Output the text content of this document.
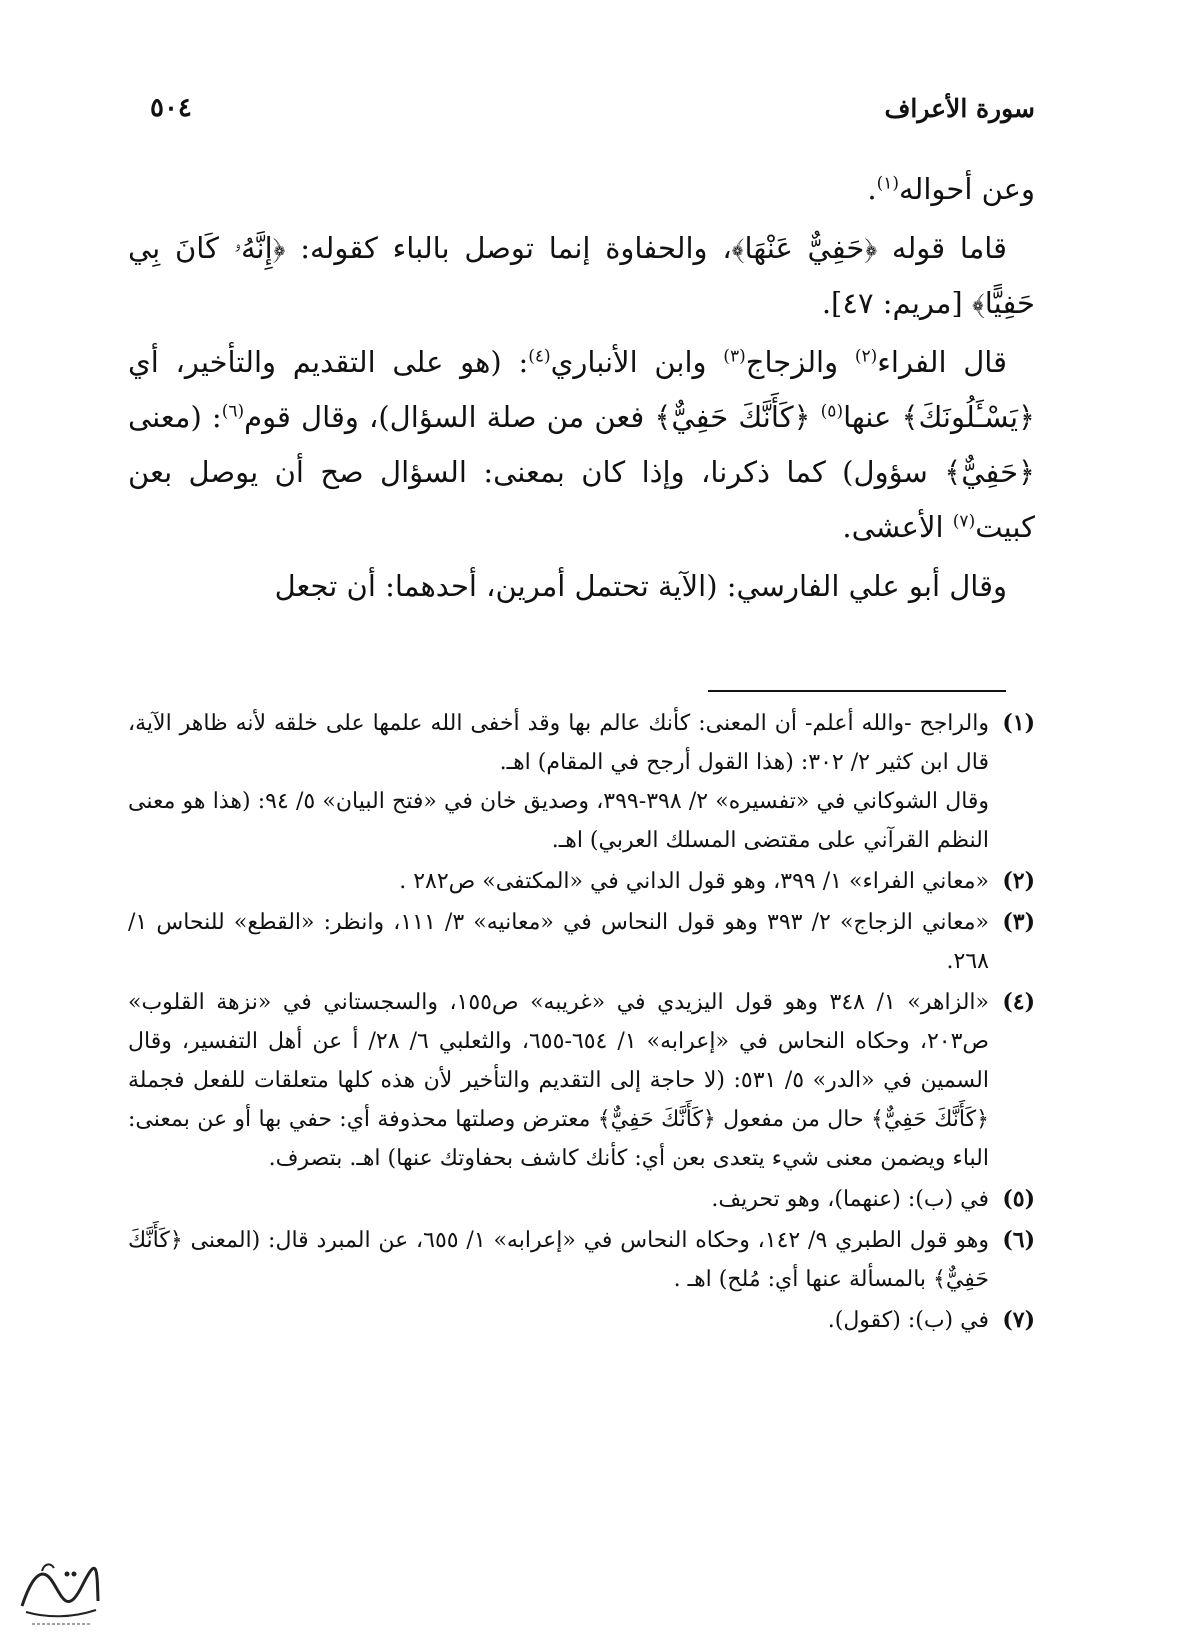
٥٠٤	سورة الأعراف

وعن أحواله$^{(١)}$.

قاما قوله ﴿حَفِيٌّ عَنْهَا﴾، والحفاوة إنما توصل بالباء كقوله: ﴿إِنَّهُۥ كَانَ بِي حَفِيًّا﴾ [مريم: ٤٧].

قال الفراء$^{(٢)}$ والزجاج$^{(٣)}$ وابن الأنباري$^{(٤)}$: (هو على التقديم والتأخير، أي ﴿يَسْـَٔلُونَكَ﴾ عنها$^{(٥)}$ ﴿كَأَنَّكَ حَفِيٌّ﴾ فعن من صلة السؤال)، وقال قوم$^{(٦)}$: (معنى ﴿حَفِيٌّ﴾ سؤول) كما ذكرنا، وإذا كان بمعنى: السؤال صح أن يوصل بعن كبيت$^{(٧)}$ الأعشى.

وقال أبو علي الفارسي: (الآية تحتمل أمرين، أحدهما: أن تجعل

(١)
والراجح -والله أعلم- أن المعنى: كأنك عالم بها وقد أخفى الله علمها على خلقه لأنه ظاهر الآية، قال ابن كثير ٢/ ٣٠٢: (هذا القول أرجح في المقام) اهـ.
وقال الشوكاني في «تفسيره» ٢/ ٣٩٨-٣٩٩، وصديق خان في «فتح البيان» ٥/ ٩٤: (هذا هو معنى النظم القرآني على مقتضى المسلك العربي) اهـ.
(٢)
«معاني الفراء» ١/ ٣٩٩، وهو قول الداني في «المكتفى» ص٢٨٢ .
(٣)
«معاني الزجاج» ٢/ ٣٩٣ وهو قول النحاس في «معانيه» ٣/ ١١١، وانظر: «القطع» للنحاس ١/ ٢٦٨.
(٤)
«الزاهر» ١/ ٣٤٨ وهو قول اليزيدي في «غريبه» ص١٥٥، والسجستاني في «نزهة القلوب» ص٢٠٣، وحكاه النحاس في «إعرابه» ١/ ٦٥٤-٦٥٥، والثعلبي ٦/ ٢٨/ أ عن أهل التفسير، وقال السمين في «الدر» ٥/ ٥٣١: (لا حاجة إلى التقديم والتأخير لأن هذه كلها متعلقات للفعل فجملة ﴿كَأَنَّكَ حَفِيٌّ﴾ حال من مفعول ﴿كَأَنَّكَ حَفِيٌّ﴾ معترض وصلتها محذوفة أي: حفي بها أو عن بمعنى: الباء ويضمن معنى شيء يتعدى بعن أي: كأنك كاشف بحفاوتك عنها) اهـ. بتصرف.
(٥)
في (ب): (عنهما)، وهو تحريف.
(٦)
وهو قول الطبري ٩/ ١٤٢، وحكاه النحاس في «إعرابه» ١/ ٦٥٥، عن المبرد قال: (المعنى ﴿كَأَنَّكَ حَفِيٌّ﴾ بالمسألة عنها أي: مُلح) اهـ .
(٧)
في (ب): (كقول).
